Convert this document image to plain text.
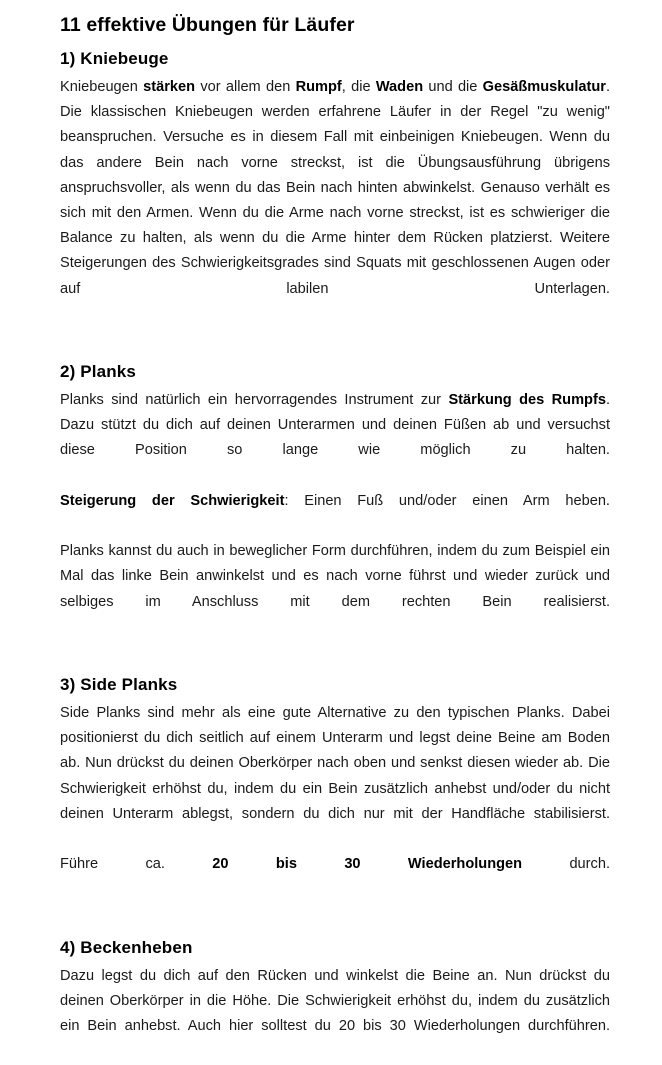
11 effektive Übungen für Läufer
1) Kniebeuge

Kniebeugen stärken vor allem den Rumpf, die Waden und die Gesäßmuskulatur. Die klassischen Kniebeugen werden erfahrene Läufer in der Regel "zu wenig" beanspruchen. Versuche es in diesem Fall mit einbeinigen Kniebeugen. Wenn du das andere Bein nach vorne streckst, ist die Übungsausführung übrigens anspruchsvoller, als wenn du das Bein nach hinten abwinkelst. Genauso verhält es sich mit den Armen. Wenn du die Arme nach vorne streckst, ist es schwieriger die Balance zu halten, als wenn du die Arme hinter dem Rücken platzierst. Weitere Steigerungen des Schwierigkeitsgrades sind Squats mit geschlossenen Augen oder auf labilen Unterlagen.

2) Planks

Planks sind natürlich ein hervorragendes Instrument zur Stärkung des Rumpfs. Dazu stützt du dich auf deinen Unterarmen und deinen Füßen ab und versuchst diese Position so lange wie möglich zu halten.

Steigerung der Schwierigkeit: Einen Fuß und/oder einen Arm heben.

Planks kannst du auch in beweglicher Form durchführen, indem du zum Beispiel ein Mal das linke Bein anwinkelst und es nach vorne führst und wieder zurück und selbiges im Anschluss mit dem rechten Bein realisierst.

3) Side Planks

Side Planks sind mehr als eine gute Alternative zu den typischen Planks. Dabei positionierst du dich seitlich auf einem Unterarm und legst deine Beine am Boden ab. Nun drückst du deinen Oberkörper nach oben und senkst diesen wieder ab. Die Schwierigkeit erhöhst du, indem du ein Bein zusätzlich anhebst und/oder du nicht deinen Unterarm ablegst, sondern du dich nur mit der Handfläche stabilisierst.

Führe ca. 20 bis 30 Wiederholungen durch.

4) Beckenheben

Dazu legst du dich auf den Rücken und winkelst die Beine an. Nun drückst du deinen Oberkörper in die Höhe. Die Schwierigkeit erhöhst du, indem du zusätzlich ein Bein anhebst. Auch hier solltest du 20 bis 30 Wiederholungen durchführen.
